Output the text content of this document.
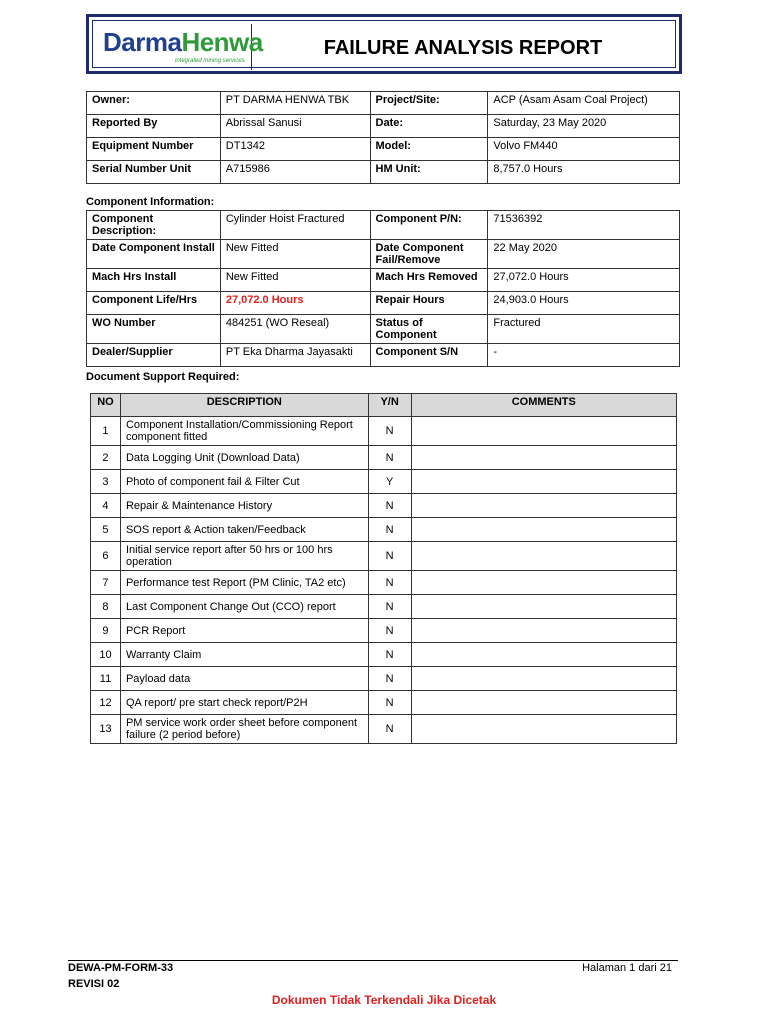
DarmaHenwa
integrated mining services
FAILURE ANALYSIS REPORT
Owner:	PT DARMA HENWA TBK	Project/Site:	ACP (Asam Asam Coal Project)
Reported By	Abrissal Sanusi	Date:	Saturday, 23 May 2020
Equipment Number	DT1342	Model:	Volvo FM440
Serial Number Unit	A715986	HM Unit:	8,757.0 Hours
Component Information:
Component Description:	Cylinder Hoist Fractured	Component P/N:	71536392
Date Component Install	New Fitted	Date Component Fail/Remove	22 May 2020
Mach Hrs Install	New Fitted	Mach Hrs Removed	27,072.0 Hours
Component Life/Hrs	27,072.0 Hours	Repair Hours	24,903.0 Hours
WO Number	484251 (WO Reseal)	Status of Component	Fractured
Dealer/Supplier	PT Eka Dharma Jayasakti	Component S/N	-
Document Support Required:
NO	DESCRIPTION	Y/N	COMMENTS
1	Component Installation/Commissioning Report component fitted	N	
2	Data Logging Unit (Download Data)	N	
3	Photo of component fail & Filter Cut	Y	
4	Repair & Maintenance History	N	
5	SOS report & Action taken/Feedback	N	
6	Initial service report after 50 hrs or 100 hrs operation	N	
7	Performance test Report (PM Clinic, TA2 etc)	N	
8	Last Component Change Out (CCO) report	N	
9	PCR Report	N	
10	Warranty Claim	N	
11	Payload data	N	
12	QA report/ pre start check report/P2H	N	
13	PM service work order sheet before component failure (2 period before)	N	
DEWA-PM-FORM-33
REVISI 02
Halaman 1 dari 21
Dokumen Tidak Terkendali Jika Dicetak
